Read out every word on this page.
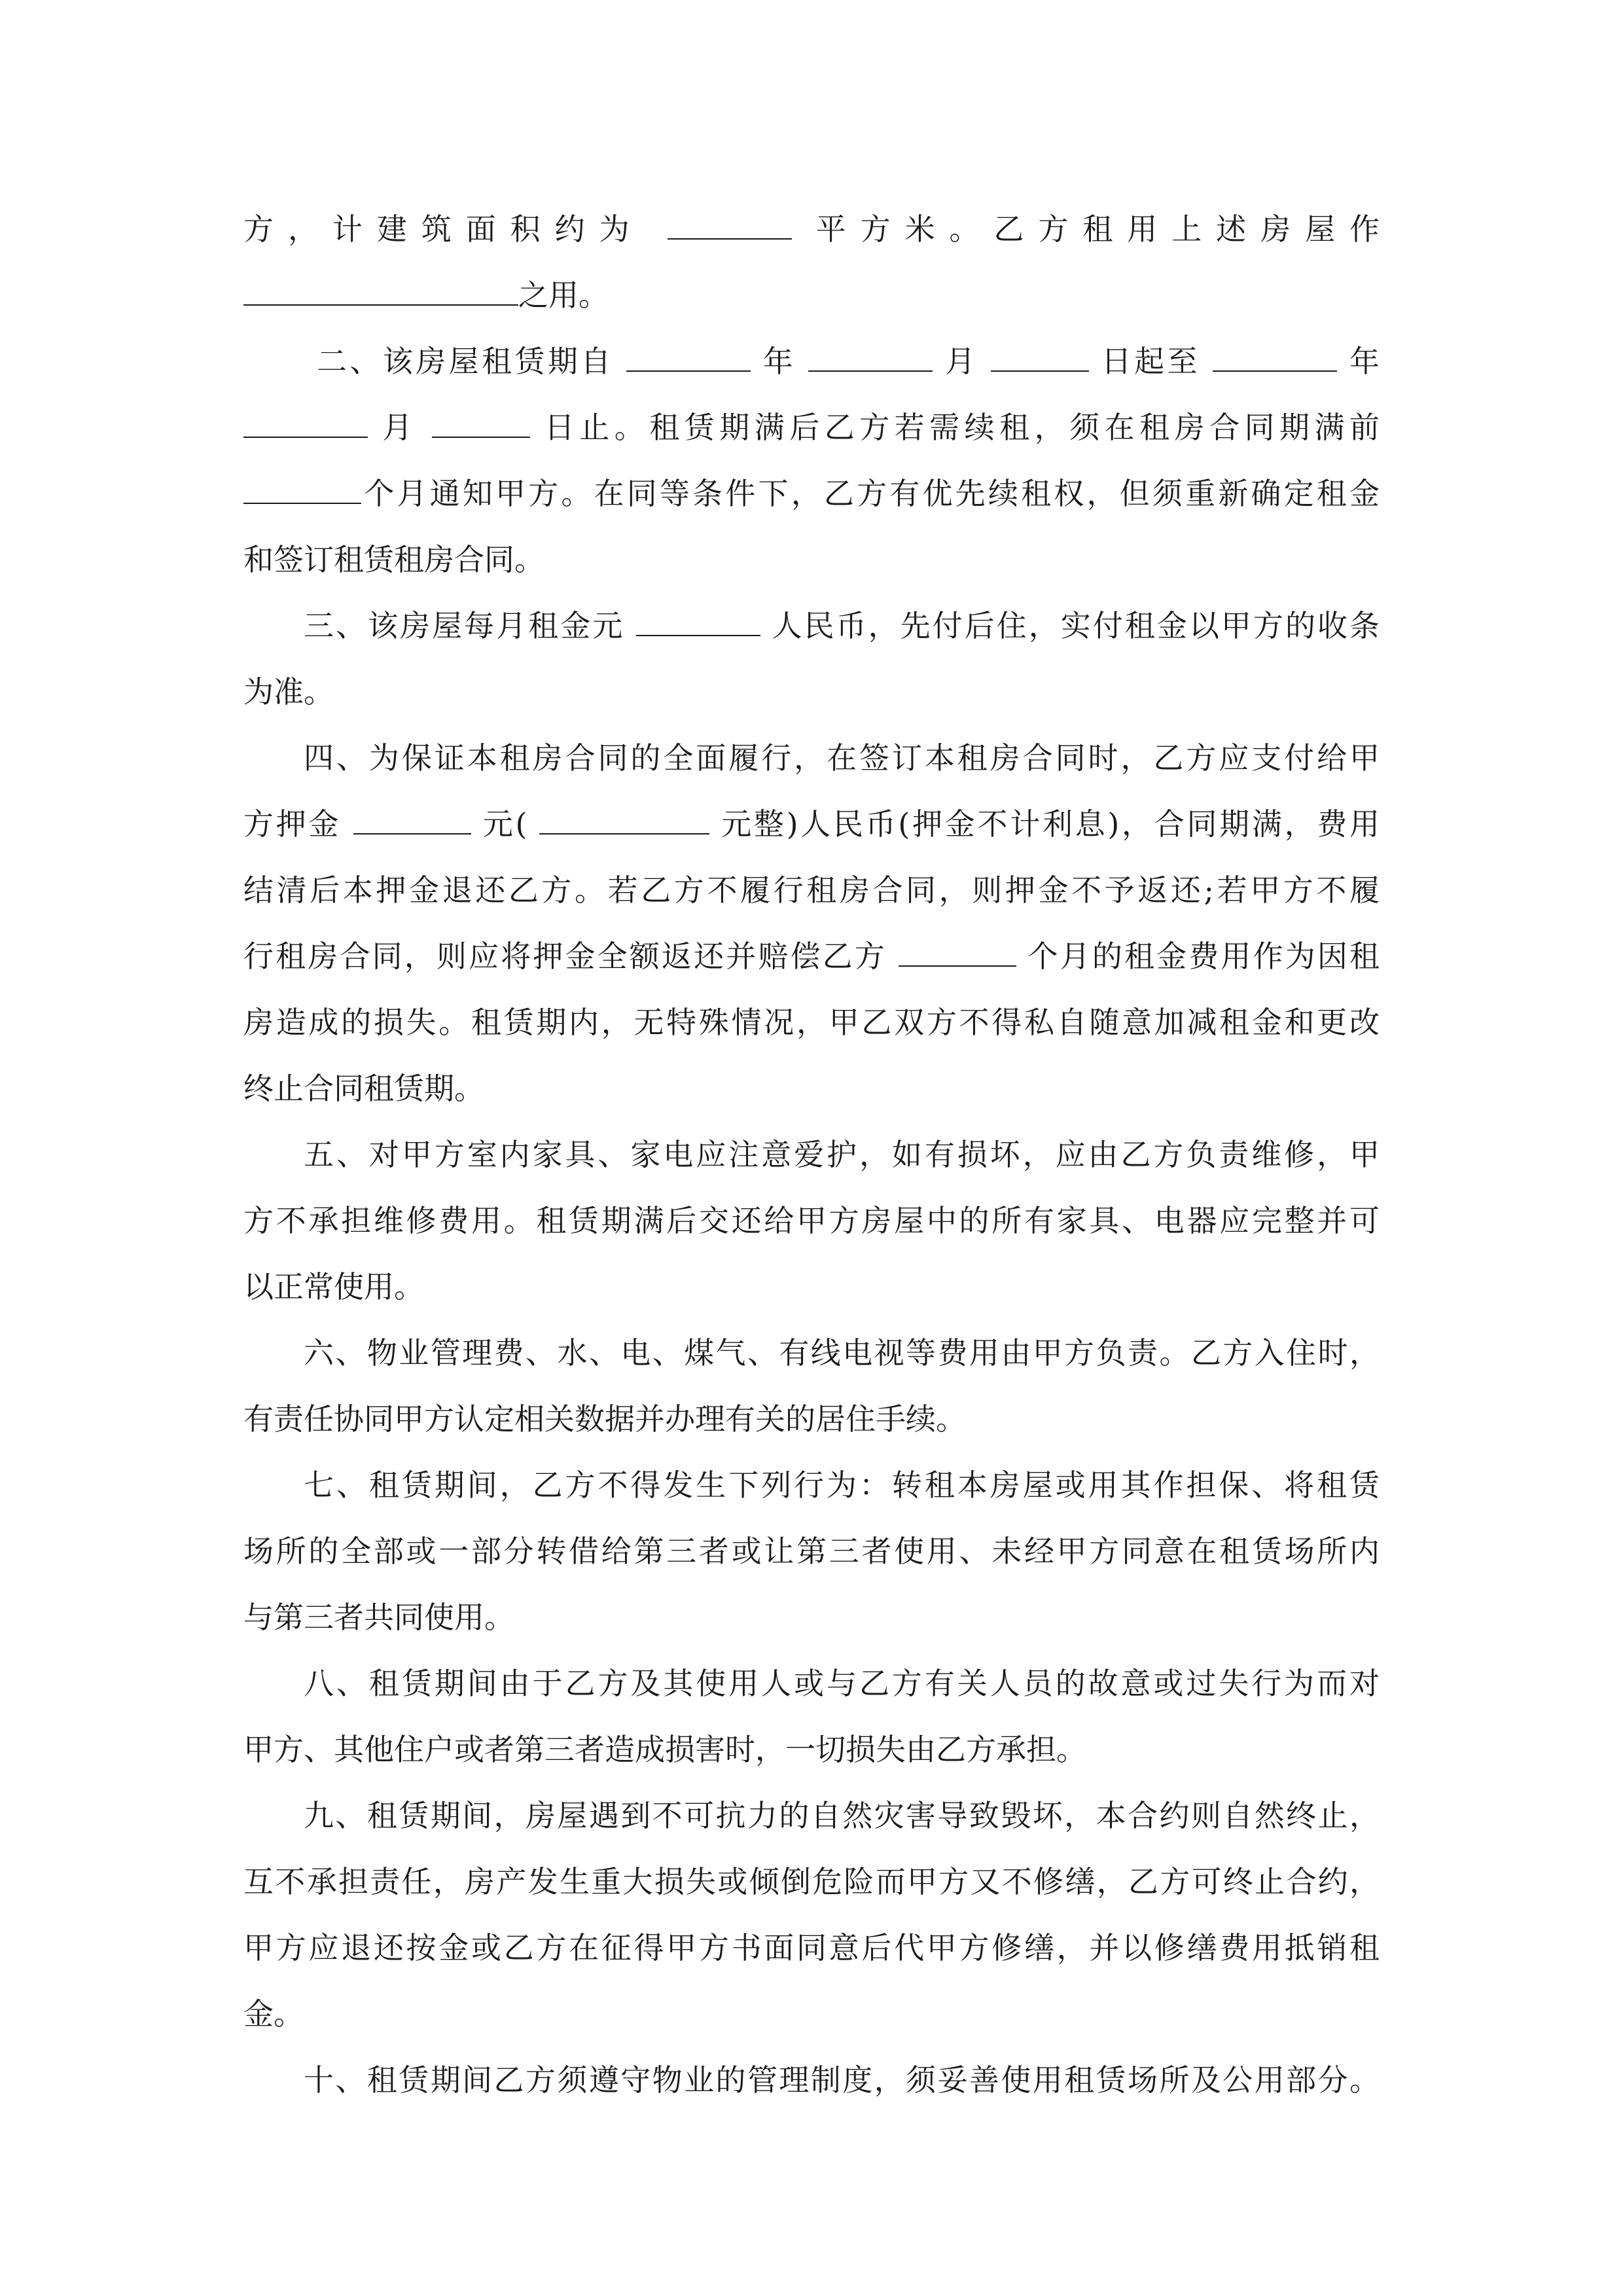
方，计建筑面积约为	平方米。乙方租用上述房屋作
之用。
二、该房屋租赁期自	年	月	日起至	年
月	日止。租赁期满后乙方若需续租，须在租房合同期满前
个月通知甲方。在同等条件下，乙方有优先续租权，但须重新确定租金
和签订租赁租房合同。
三、该房屋每月租金元	人民币，先付后住，实付租金以甲方的收条
为准。
四、为保证本租房合同的全面履行，在签订本租房合同时，乙方应支付给甲
方押金	元(	元整)人民币(押金不计利息)，合同期满，费用
结清后本押金退还乙方。若乙方不履行租房合同，则押金不予返还;若甲方不履
行租房合同，则应将押金全额返还并赔偿乙方	个月的租金费用作为因租
房造成的损失。租赁期内，无特殊情况，甲乙双方不得私自随意加减租金和更改
终止合同租赁期。
五、对甲方室内家具、家电应注意爱护，如有损坏，应由乙方负责维修，甲
方不承担维修费用。租赁期满后交还给甲方房屋中的所有家具、电器应完整并可
以正常使用。
六、物业管理费、水、电、煤气、有线电视等费用由甲方负责。乙方入住时，
有责任协同甲方认定相关数据并办理有关的居住手续。
七、租赁期间，乙方不得发生下列行为：转租本房屋或用其作担保、将租赁
场所的全部或一部分转借给第三者或让第三者使用、未经甲方同意在租赁场所内
与第三者共同使用。
八、租赁期间由于乙方及其使用人或与乙方有关人员的故意或过失行为而对
甲方、其他住户或者第三者造成损害时，一切损失由乙方承担。
九、租赁期间，房屋遇到不可抗力的自然灾害导致毁坏，本合约则自然终止，
互不承担责任，房产发生重大损失或倾倒危险而甲方又不修缮，乙方可终止合约，
甲方应退还按金或乙方在征得甲方书面同意后代甲方修缮，并以修缮费用抵销租
金。
十、租赁期间乙方须遵守物业的管理制度，须妥善使用租赁场所及公用部分。
